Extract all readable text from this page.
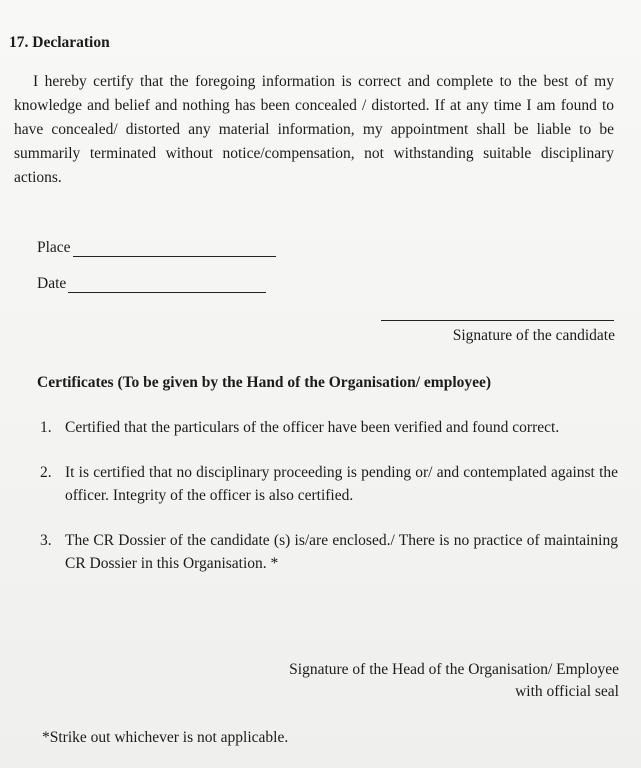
17. Declaration
I hereby certify that the foregoing information is correct and complete to the best of my knowledge and belief and nothing has been concealed / distorted. If at any time I am found to have concealed/ distorted any material information, my appointment shall be liable to be summarily terminated without notice/compensation, not withstanding suitable disciplinary actions.
Place
Date
Signature of the candidate
Certificates (To be given by the Hand of the Organisation/ employee)
1. Certified that the particulars of the officer have been verified and found correct.
2. It is certified that no disciplinary proceeding is pending or/ and contemplated against the officer. Integrity of the officer is also certified.
3. The CR Dossier of the candidate (s) is/are enclosed./ There is no practice of maintaining CR Dossier in this Organisation. *
Signature of the Head of the Organisation/ Employee
with official seal
*Strike out whichever is not applicable.
